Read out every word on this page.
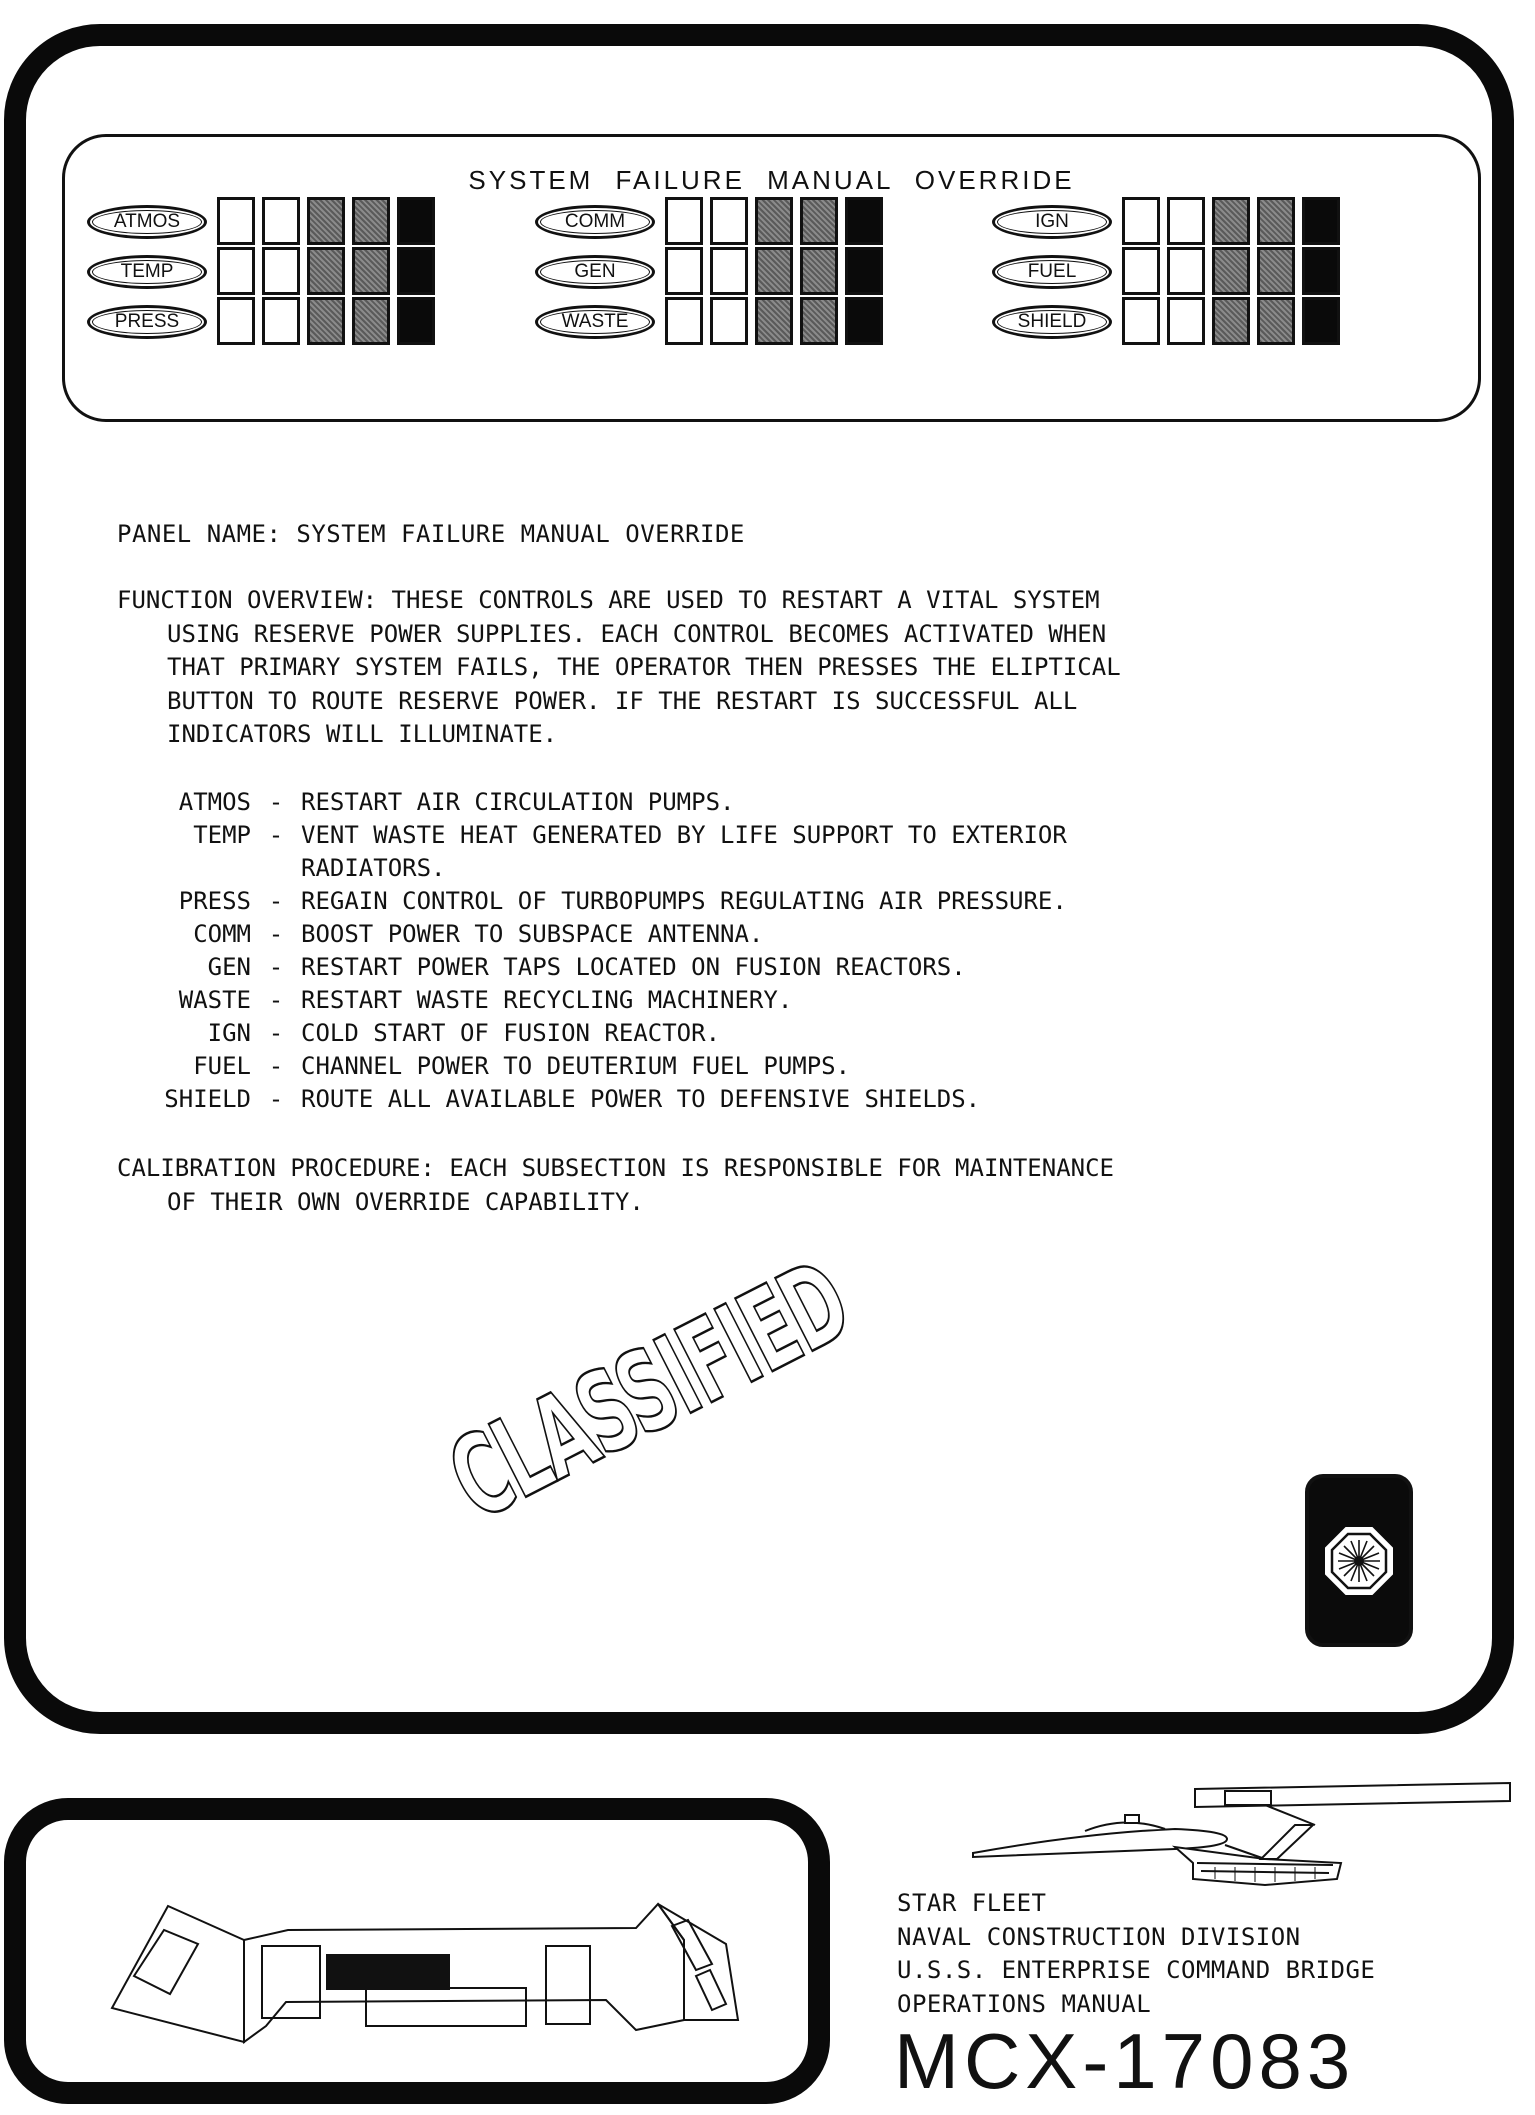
SYSTEM FAILURE MANUAL OVERRIDE
ATMOS
TEMP
PRESS
COMM
GEN
WASTE
IGN
FUEL
SHIELD
PANEL NAME: SYSTEM FAILURE MANUAL OVERRIDE
FUNCTION OVERVIEW: THESE CONTROLS ARE USED TO RESTART A VITAL SYSTEM
USING RESERVE POWER SUPPLIES. EACH CONTROL BECOMES ACTIVATED WHEN
THAT PRIMARY SYSTEM FAILS, THE OPERATOR THEN PRESSES THE ELIPTICAL
BUTTON TO ROUTE RESERVE POWER. IF THE RESTART IS SUCCESSFUL ALL
INDICATORS WILL ILLUMINATE.
ATMOS - RESTART AIR CIRCULATION PUMPS.
TEMP - VENT WASTE HEAT GENERATED BY LIFE SUPPORT TO EXTERIOR
RADIATORS.
PRESS - REGAIN CONTROL OF TURBOPUMPS REGULATING AIR PRESSURE.
COMM - BOOST POWER TO SUBSPACE ANTENNA.
GEN - RESTART POWER TAPS LOCATED ON FUSION REACTORS.
WASTE - RESTART WASTE RECYCLING MACHINERY.
IGN - COLD START OF FUSION REACTOR.
FUEL - CHANNEL POWER TO DEUTERIUM FUEL PUMPS.
SHIELD - ROUTE ALL AVAILABLE POWER TO DEFENSIVE SHIELDS.
CALIBRATION PROCEDURE: EACH SUBSECTION IS RESPONSIBLE FOR MAINTENANCE
OF THEIR OWN OVERRIDE CAPABILITY.
CLASSIFIED
STAR FLEET
NAVAL CONSTRUCTION DIVISION
U.S.S. ENTERPRISE COMMAND BRIDGE
OPERATIONS MANUAL
MCX-17083
